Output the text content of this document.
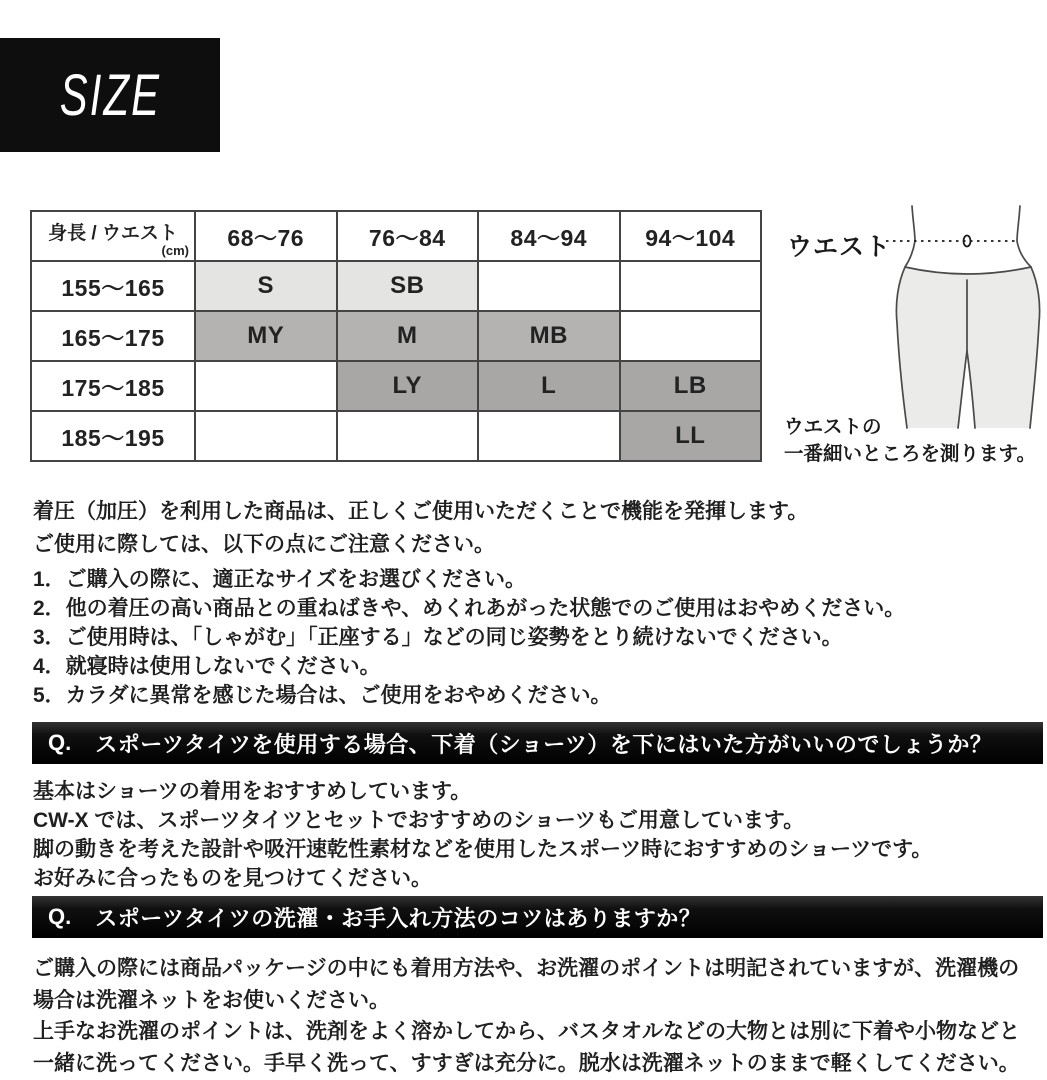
SIZE
身長 / ウエスト
(cm)	68～76	76～84	84～94	94～104
155～165	S	SB		
165～175	MY	M	MB	
175～185		LY	L	LB
185～195				LL
ウエスト
ウエストの
一番細いところを測ります。
着圧（加圧）を利用した商品は、正しくご使用いただくことで機能を発揮します。
ご使用に際しては、以下の点にご注意ください。
1．ご購入の際に、適正なサイズをお選びください。
2．他の着圧の高い商品との重ねばきや、めくれあがった状態でのご使用はおやめください。
3．ご使用時は、「しゃがむ」「正座する」などの同じ姿勢をとり続けないでください。
4．就寝時は使用しないでください。
5．カラダに異常を感じた場合は、ご使用をおやめください。
Q. スポーツタイツを使用する場合、下着（ショーツ）を下にはいた方がいいのでしょうか？
基本はショーツの着用をおすすめしています。
CW-X では、スポーツタイツとセットでおすすめのショーツもご用意しています。
脚の動きを考えた設計や吸汗速乾性素材などを使用したスポーツ時におすすめのショーツです。
お好みに合ったものを見つけてください。
Q. スポーツタイツの洗濯・お手入れ方法のコツはありますか？
ご購入の際には商品パッケージの中にも着用方法や、お洗濯のポイントは明記されていますが、洗濯機の
場合は洗濯ネットをお使いください。
上手なお洗濯のポイントは、洗剤をよく溶かしてから、バスタオルなどの大物とは別に下着や小物などと
一緒に洗ってください。手早く洗って、すすぎは充分に。脱水は洗濯ネットのままで軽くしてください。
